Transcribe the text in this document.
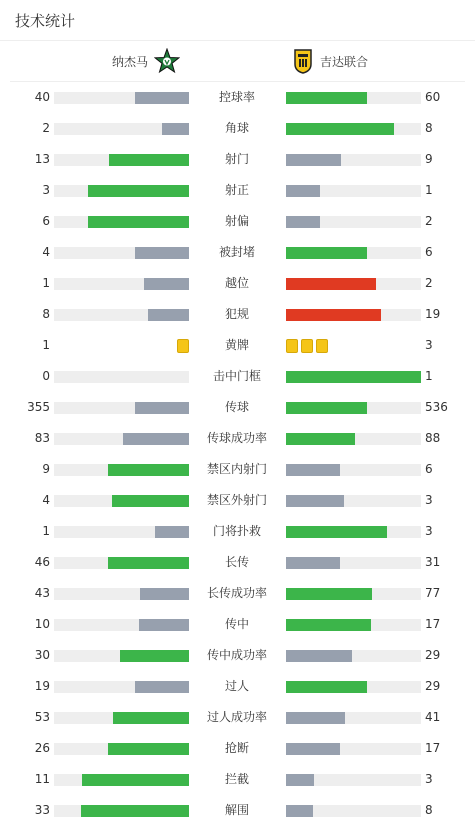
技术统计
纳杰马	吉达联合
40	控球率	60
2	角球	8
13	射门	9
3	射正	1
6	射偏	2
4	被封堵	6
1	越位	2
8	犯规	19
1	黄牌	3
0	击中门框	1
355	传球	536
83	传球成功率	88
9	禁区内射门	6
4	禁区外射门	3
1	门将扑救	3
46	长传	31
43	长传成功率	77
10	传中	17
30	传中成功率	29
19	过人	29
53	过人成功率	41
26	抢断	17
11	拦截	3
33	解围	8
